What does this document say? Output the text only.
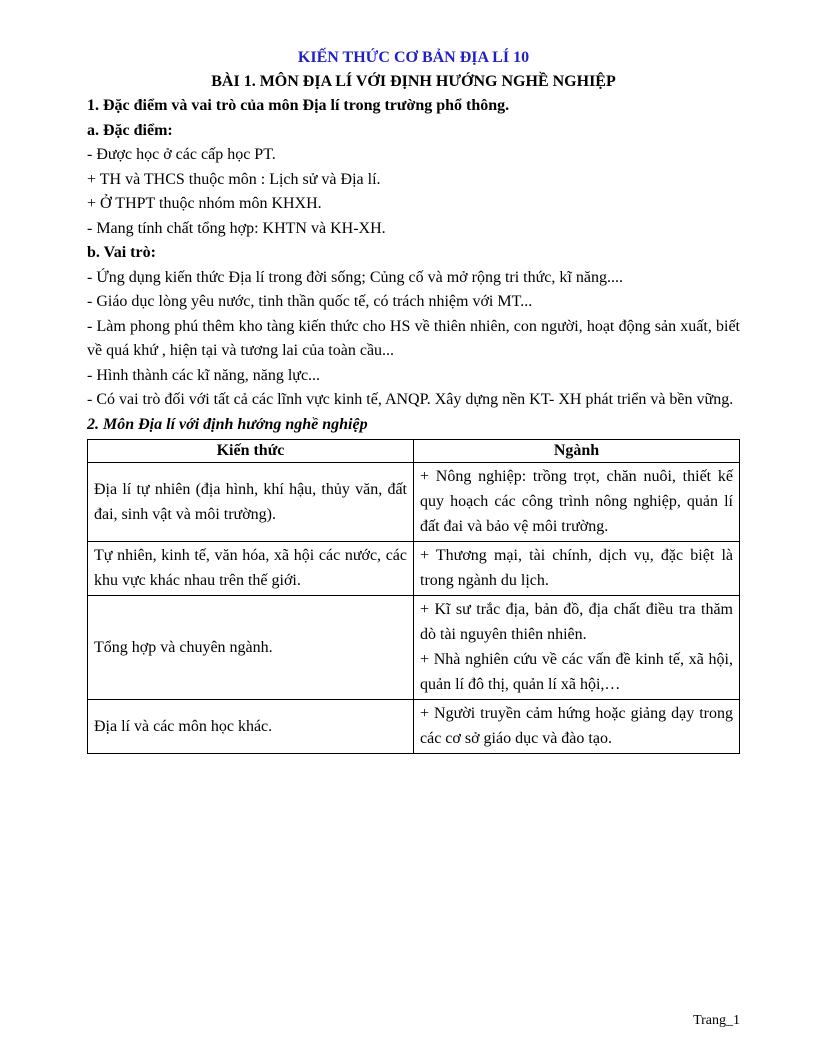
KIẾN THỨC CƠ BẢN ĐỊA LÍ 10
BÀI 1. MÔN ĐỊA LÍ VỚI ĐỊNH HƯỚNG NGHỀ NGHIỆP

1. Đặc điểm và vai trò của môn Địa lí trong trường phổ thông.

a. Đặc điểm:

- Được học ở các cấp học PT.

+ TH và THCS thuộc môn : Lịch sử và Địa lí.

+ Ở THPT thuộc nhóm môn KHXH.

- Mang tính chất tổng hợp: KHTN và KH-XH.

b. Vai trò:

- Ứng dụng kiến thức Địa lí trong đời sống; Củng cố và mở rộng tri thức, kĩ năng....

- Giáo dục lòng yêu nước, tinh thần quốc tế, có trách nhiệm với MT...

- Làm phong phú thêm kho tàng kiến thức cho HS về thiên nhiên, con người, hoạt động sản xuất, biết về quá khứ , hiện tại và tương lai của toàn cầu...

- Hình thành các kĩ năng, năng lực...

- Có vai trò đối với tất cả các lĩnh vực kinh tế, ANQP. Xây dựng nền KT- XH phát triển và bền vững.

2. Môn Địa lí với định hướng nghề nghiệp

Kiến thức	Ngành
Địa lí tự nhiên (địa hình, khí hậu, thủy văn, đất đai, sinh vật và môi trường).	+ Nông nghiệp: trồng trọt, chăn nuôi, thiết kế quy hoạch các công trình nông nghiệp, quản lí đất đai và bảo vệ môi trường.
Tự nhiên, kinh tế, văn hóa, xã hội các nước, các khu vực khác nhau trên thế giới.	+ Thương mại, tài chính, dịch vụ, đặc biệt là trong ngành du lịch.
Tổng hợp và chuyên ngành.	+ Kĩ sư trắc địa, bản đồ, địa chất điều tra thăm dò tài nguyên thiên nhiên.
+ Nhà nghiên cứu về các vấn đề kinh tế, xã hội, quản lí đô thị, quản lí xã hội,…

Địa lí và các môn học khác.	+ Người truyền cảm hứng hoặc giảng dạy trong các cơ sở giáo dục và đào tạo.
Trang_1
